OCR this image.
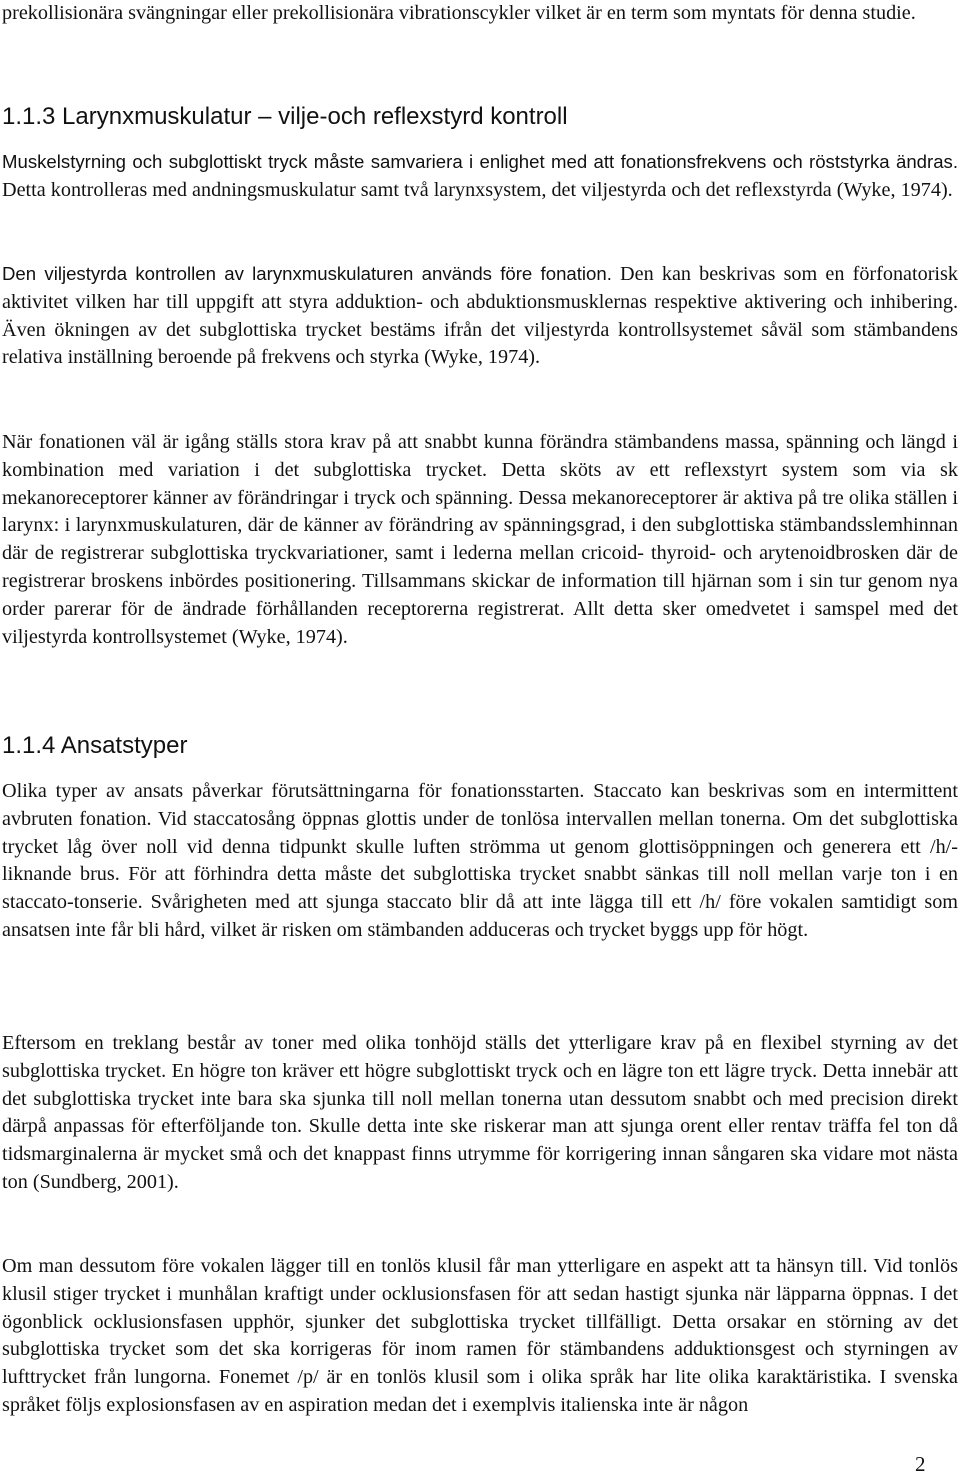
prekollisionära svängningar eller prekollisionära vibrationscykler vilket är en term som myntats för denna studie.

1.1.3 Larynxmuskulatur – vilje-och reflexstyrd kontroll

Muskelstyrning och subglottiskt tryck måste samvariera i enlighet med att fonationsfrekvens och röststyrka ändras. Detta kontrolleras med andningsmuskulatur samt två larynxsystem, det viljestyrda och det reflexstyrda (Wyke, 1974).

Den viljestyrda kontrollen av larynxmuskulaturen används före fonation. Den kan beskrivas som en förfonatorisk aktivitet vilken har till uppgift att styra adduktion- och abduktionsmusklernas respektive aktivering och inhibering. Även ökningen av det subglottiska trycket bestäms ifrån det viljestyrda kontrollsystemet såväl som stämbandens relativa inställning beroende på frekvens och styrka (Wyke, 1974).

När fonationen väl är igång ställs stora krav på att snabbt kunna förändra stämbandens massa, spänning och längd i kombination med variation i det subglottiska trycket. Detta sköts av ett reflexstyrt system som via sk mekanoreceptorer känner av förändringar i tryck och spänning. Dessa mekanoreceptorer är aktiva på tre olika ställen i larynx: i larynxmuskulaturen, där de känner av förändring av spänningsgrad, i den subglottiska stämbandsslemhinnan där de registrerar subglottiska tryckvariationer, samt i lederna mellan cricoid- thyroid- och arytenoidbrosken där de registrerar broskens inbördes positionering. Tillsammans skickar de information till hjärnan som i sin tur genom nya order parerar för de ändrade förhållanden receptorerna registrerat. Allt detta sker omedvetet i samspel med det viljestyrda kontrollsystemet (Wyke, 1974).

1.1.4 Ansatstyper

Olika typer av ansats påverkar förutsättningarna för fonationsstarten. Staccato kan beskrivas som en intermittent avbruten fonation. Vid staccatosång öppnas glottis under de tonlösa intervallen mellan tonerna. Om det subglottiska trycket låg över noll vid denna tidpunkt skulle luften strömma ut genom glottisöppningen och generera ett /h/-liknande brus. För att förhindra detta måste det subglottiska trycket snabbt sänkas till noll mellan varje ton i en staccato-tonserie. Svårigheten med att sjunga staccato blir då att inte lägga till ett /h/ före vokalen samtidigt som ansatsen inte får bli hård, vilket är risken om stämbanden adduceras och trycket byggs upp för högt.

Eftersom en treklang består av toner med olika tonhöjd ställs det ytterligare krav på en flexibel styrning av det subglottiska trycket. En högre ton kräver ett högre subglottiskt tryck och en lägre ton ett lägre tryck. Detta innebär att det subglottiska trycket inte bara ska sjunka till noll mellan tonerna utan dessutom snabbt och med precision direkt därpå anpassas för efterföljande ton. Skulle detta inte ske riskerar man att sjunga orent eller rentav träffa fel ton då tidsmarginalerna är mycket små och det knappast finns utrymme för korrigering innan sångaren ska vidare mot nästa ton (Sundberg, 2001).

Om man dessutom före vokalen lägger till en tonlös klusil får man ytterligare en aspekt att ta hänsyn till. Vid tonlös klusil stiger trycket i munhålan kraftigt under ocklusionsfasen för att sedan hastigt sjunka när läpparna öppnas. I det ögonblick ocklusionsfasen upphör, sjunker det subglottiska trycket tillfälligt. Detta orsakar en störning av det subglottiska trycket som det ska korrigeras för inom ramen för stämbandens adduktionsgest och styrningen av lufttrycket från lungorna. Fonemet /p/ är en tonlös klusil som i olika språk har lite olika karaktäristika. I svenska språket följs explosionsfasen av en aspiration medan det i exemplvis italienska inte är någon

2
